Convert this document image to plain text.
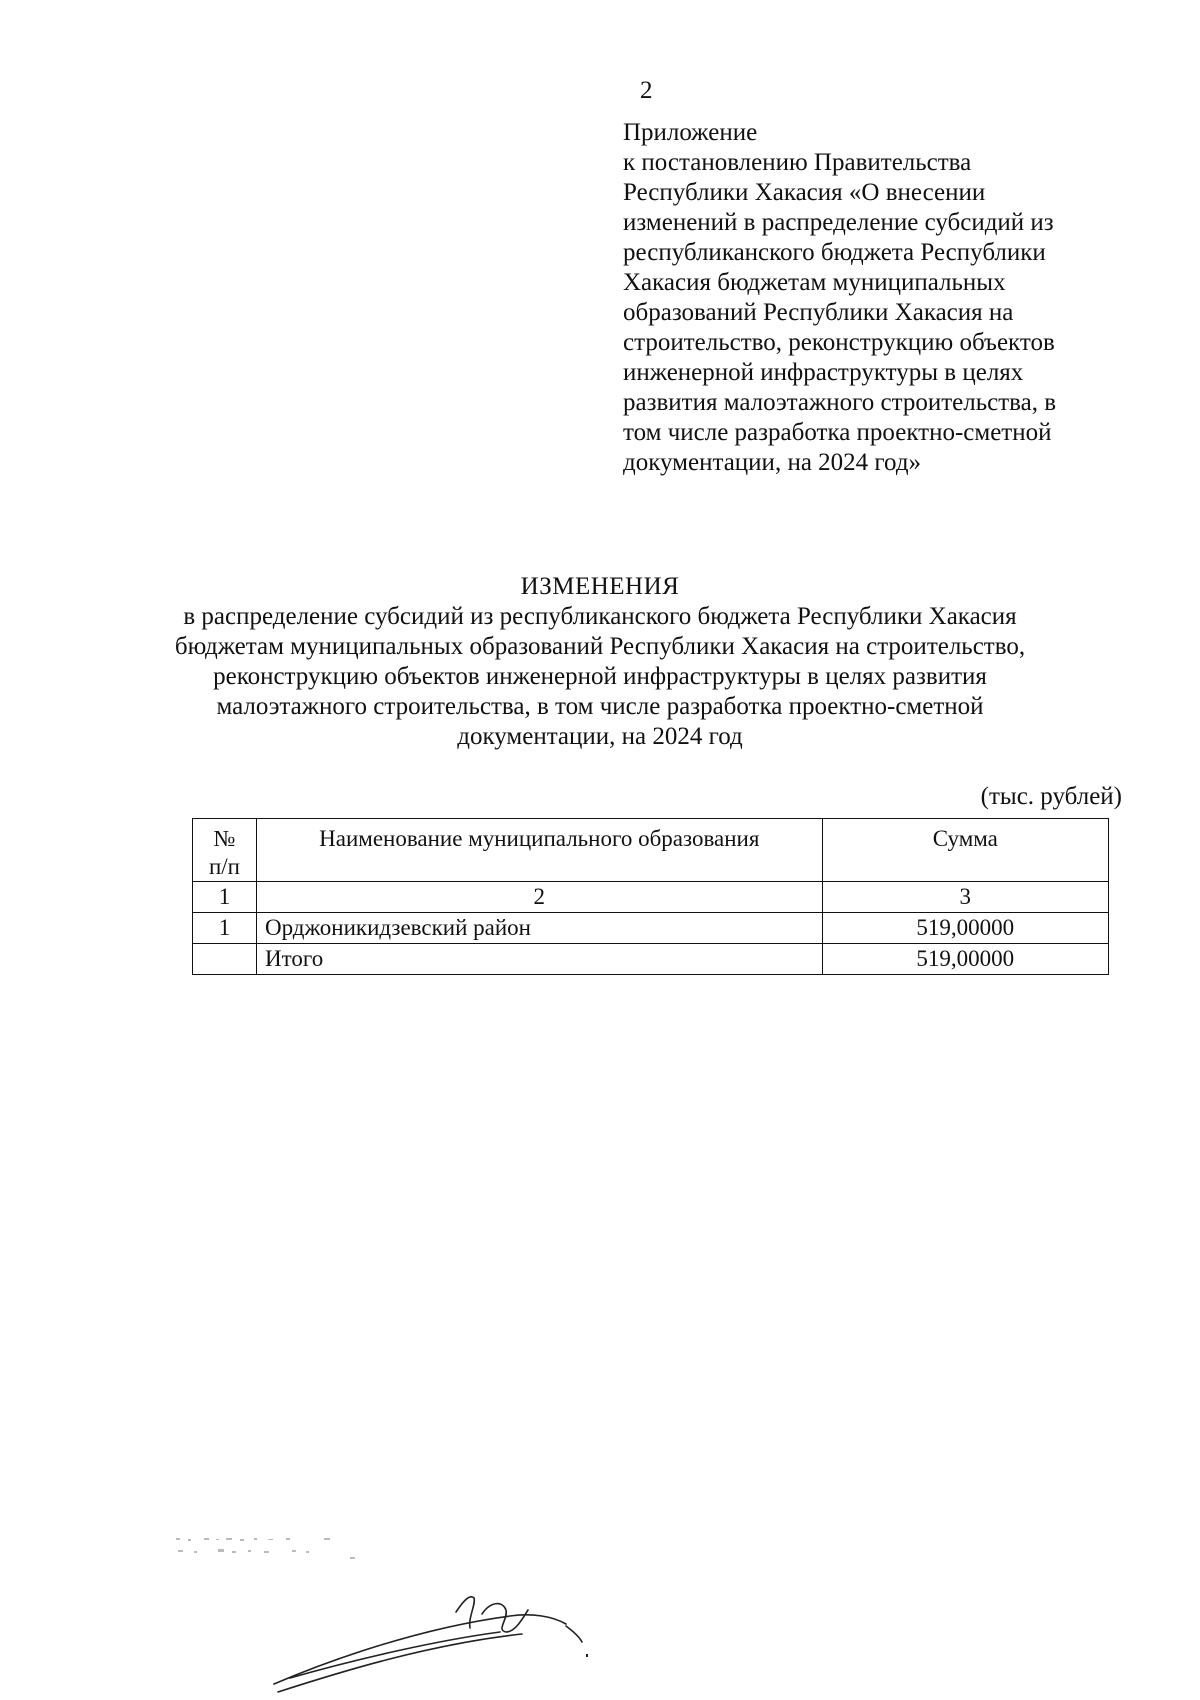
2
Приложение
к постановлению Правительства
Республики Хакасия «О внесении
изменений в распределение субсидий из
республиканского бюджета Республики
Хакасия бюджетам муниципальных
образований Республики Хакасия на
строительство, реконструкцию объектов
инженерной инфраструктуры в целях
развития малоэтажного строительства, в
том числе разработка проектно-сметной
документации, на 2024 год»
ИЗМЕНЕНИЯ
в распределение субсидий из республиканского бюджета Республики Хакасия
бюджетам муниципальных образований Республики Хакасия на строительство,
реконструкцию объектов инженерной инфраструктуры в целях развития
малоэтажного строительства, в том числе разработка проектно-сметной
документации, на 2024 год
(тыс. рублей)
№
п/п	Наименование муниципального образования	Сумма
1	2	3
1	Орджоникидзевский район	519,00000
	Итого	519,00000
